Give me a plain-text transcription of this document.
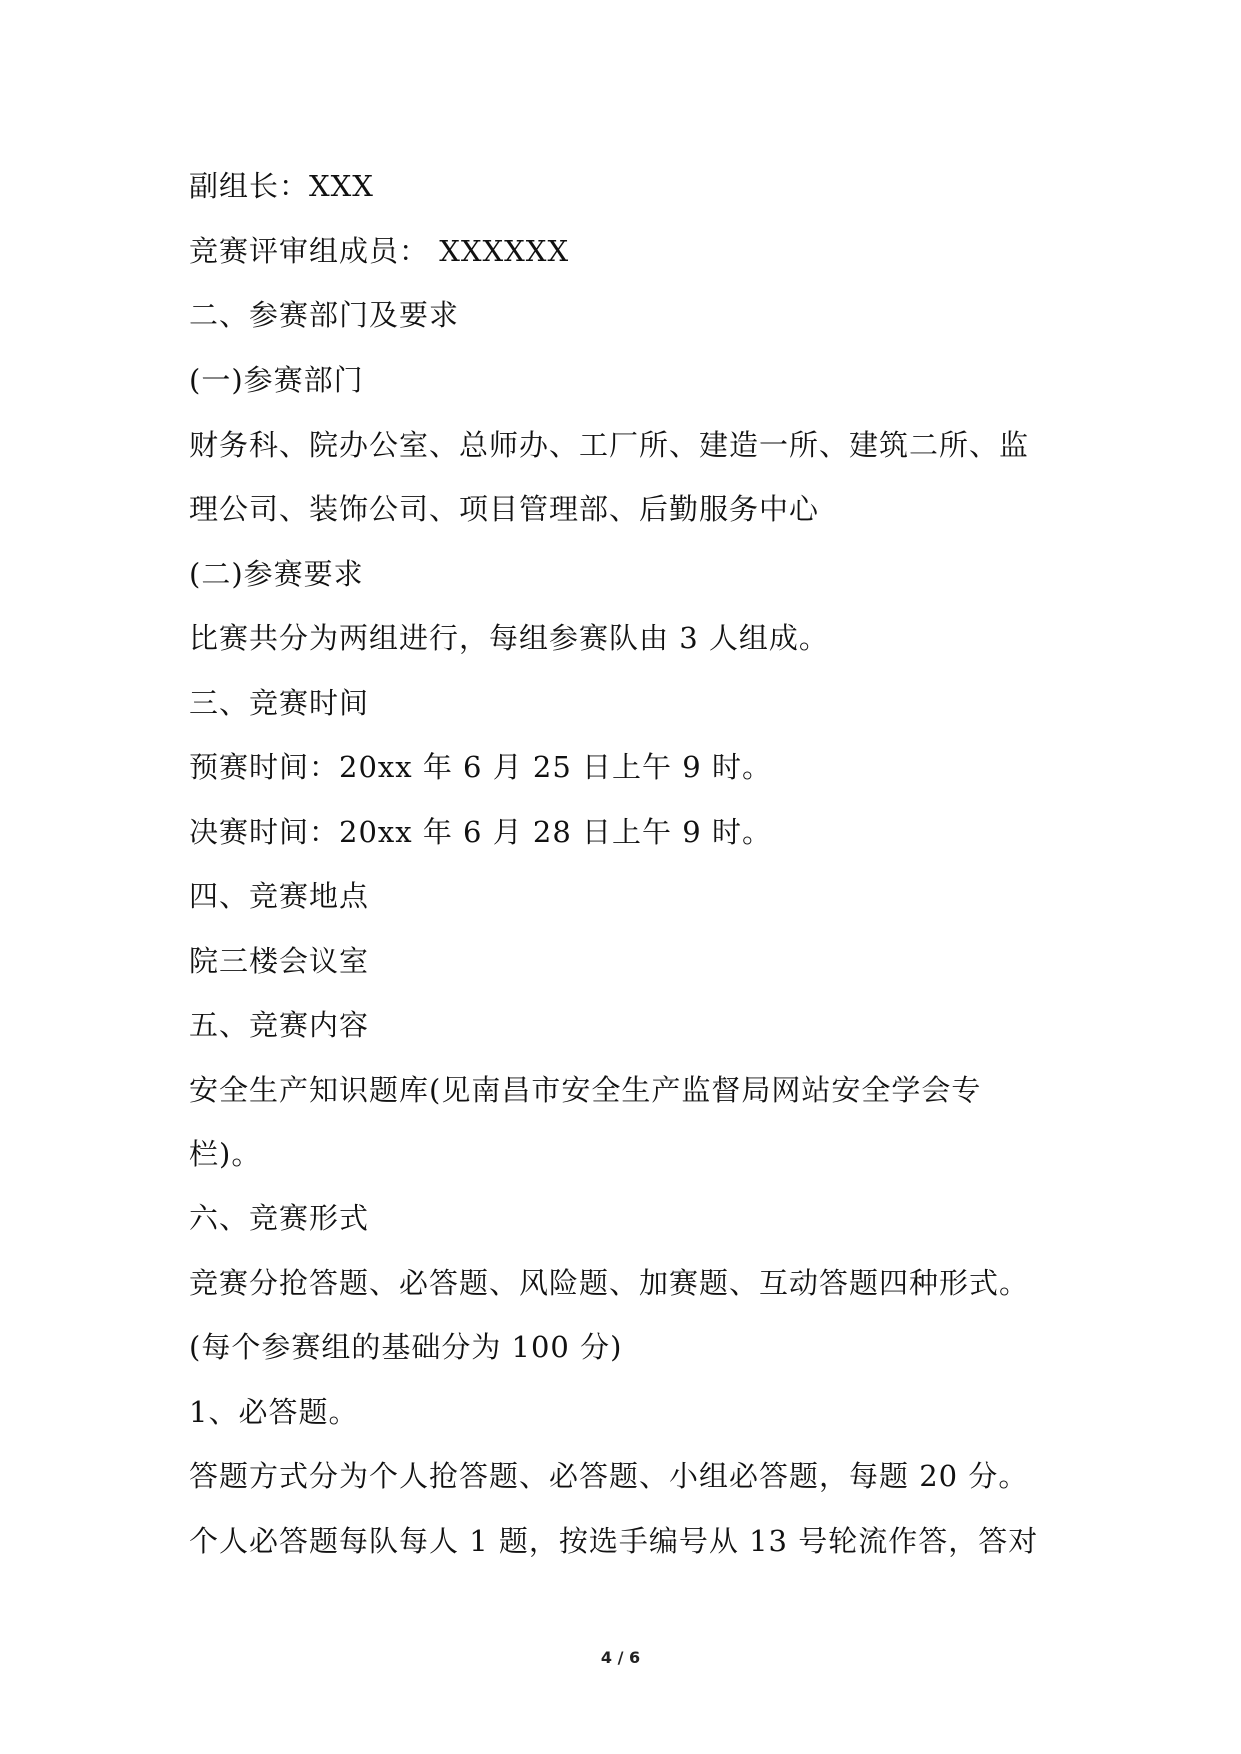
副组长：XXX
竞赛评审组成员： XXXXXX
二、参赛部门及要求
(一)参赛部门
财务科、院办公室、总师办、工厂所、建造一所、建筑二所、监
理公司、装饰公司、项目管理部、后勤服务中心
(二)参赛要求
比赛共分为两组进行，每组参赛队由 3 人组成。
三、竞赛时间
预赛时间：20xx 年 6 月 25 日上午 9 时。
决赛时间：20xx 年 6 月 28 日上午 9 时。
四、竞赛地点
院三楼会议室
五、竞赛内容
安全生产知识题库(见南昌市安全生产监督局网站安全学会专
栏)。
六、竞赛形式
竞赛分抢答题、必答题、风险题、加赛题、互动答题四种形式。
(每个参赛组的基础分为 100 分)
1、必答题。
答题方式分为个人抢答题、必答题、小组必答题，每题 20 分。
个人必答题每队每人 1 题，按选手编号从 13 号轮流作答，答对
4 / 6
